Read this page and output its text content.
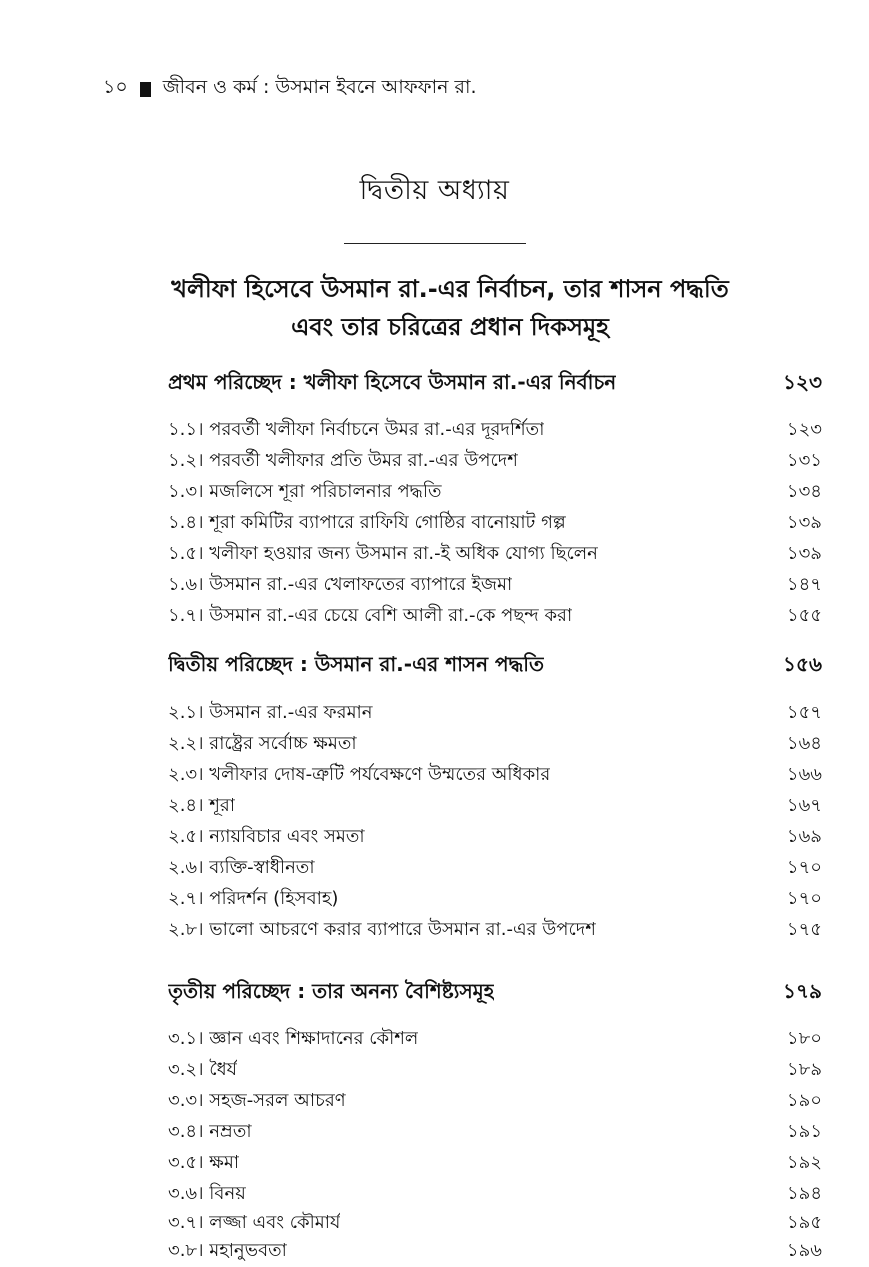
১০ জীবন ও কর্ম : উসমান ইবনে আফফান রা.
দ্বিতীয় অধ্যায়
খলীফা হিসেবে উসমান রা.-এর নির্বাচন, তার শাসন পদ্ধতি
এবং তার চরিত্রের প্রধান দিকসমূহ
প্রথম পরিচ্ছেদ : খলীফা হিসেবে উসমান রা.-এর নির্বাচন	১২৩
১.১। পরবর্তী খলীফা নির্বাচনে উমর রা.-এর দূরদর্শিতা	১২৩
১.২। পরবর্তী খলীফার প্রতি উমর রা.-এর উপদেশ	১৩১
১.৩। মজলিসে শূরা পরিচালনার পদ্ধতি	১৩৪
১.৪। শূরা কমিটির ব্যাপারে রাফিযি গোষ্ঠির বানোয়াট গল্প	১৩৯
১.৫। খলীফা হওয়ার জন্য উসমান রা.-ই অধিক যোগ্য ছিলেন	১৩৯
১.৬। উসমান রা.-এর খেলাফতের ব্যাপারে ইজমা	১৪৭
১.৭। উসমান রা.-এর চেয়ে বেশি আলী রা.-কে পছন্দ করা	১৫৫
দ্বিতীয় পরিচ্ছেদ : উসমান রা.-এর শাসন পদ্ধতি	১৫৬
২.১। উসমান রা.-এর ফরমান	১৫৭
২.২। রাষ্ট্রের সর্বোচ্চ ক্ষমতা	১৬৪
২.৩। খলীফার দোষ-ত্রুটি পর্যবেক্ষণে উম্মতের অধিকার	১৬৬
২.৪। শূরা	১৬৭
২.৫। ন্যায়বিচার এবং সমতা	১৬৯
২.৬। ব্যক্তি-স্বাধীনতা	১৭০
২.৭। পরিদর্শন (হিসবাহ)	১৭০
২.৮। ভালো আচরণে করার ব্যাপারে উসমান রা.-এর উপদেশ	১৭৫
তৃতীয় পরিচ্ছেদ : তার অনন্য বৈশিষ্ট্যসমূহ	১৭৯
৩.১। জ্ঞান এবং শিক্ষাদানের কৌশল	১৮০
৩.২। ধৈর্য	১৮৯
৩.৩। সহজ-সরল আচরণ	১৯০
৩.৪। নম্রতা	১৯১
৩.৫। ক্ষমা	১৯২
৩.৬। বিনয়	১৯৪
৩.৭। লজ্জা এবং কৌমার্য	১৯৫
৩.৮। মহানুভবতা	১৯৬
